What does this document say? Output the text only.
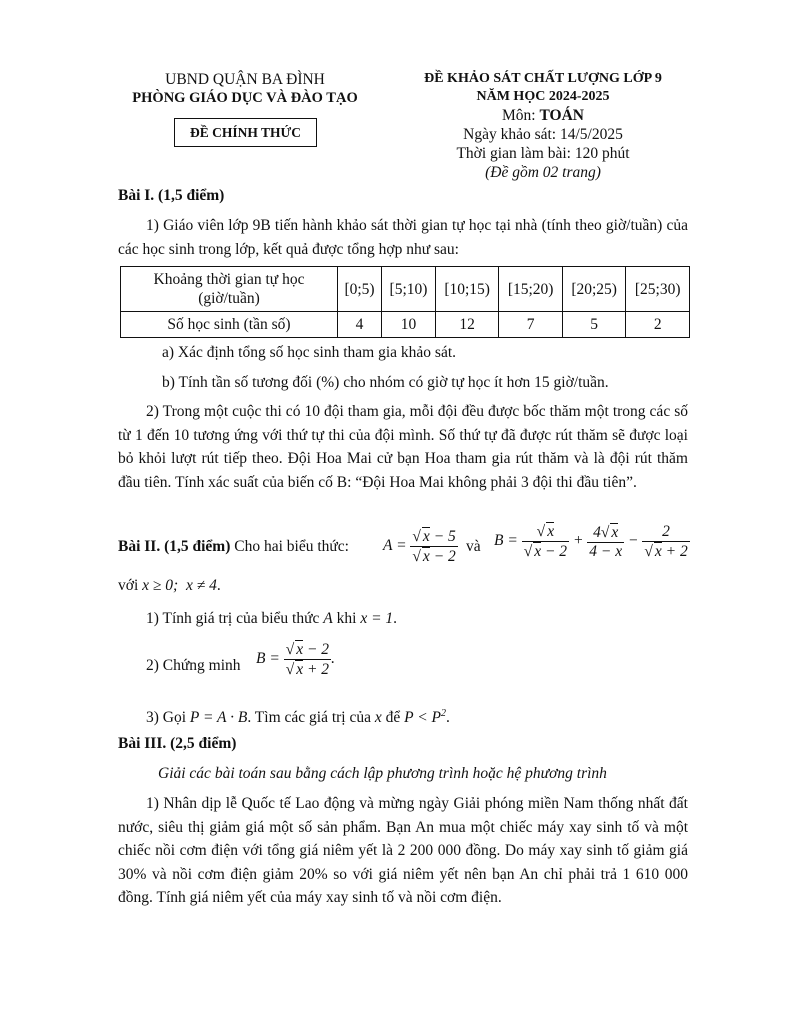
UBND QUẬN BA ĐÌNH
PHÒNG GIÁO DỤC VÀ ĐÀO TẠO
ĐỀ CHÍNH THỨC
ĐỀ KHẢO SÁT CHẤT LƯỢNG LỚP 9
NĂM HỌC 2024-2025
Môn: TOÁN
Ngày khảo sát: 14/5/2025
Thời gian làm bài: 120 phút
(Đề gồm 02 trang)
Bài I. (1,5 điểm)
1) Giáo viên lớp 9B tiến hành khảo sát thời gian tự học tại nhà (tính theo giờ/tuần) của các học sinh trong lớp, kết quả được tổng hợp như sau:
Khoảng thời gian tự học
(giờ/tuần)	[0;5)	[5;10)	[10;15)	[15;20)	[20;25)	[25;30)
Số học sinh (tần số)	4	10	12	7	5	2
a) Xác định tổng số học sinh tham gia khảo sát.
b) Tính tần số tương đối (%) cho nhóm có giờ tự học ít hơn 15 giờ/tuần.
2) Trong một cuộc thi có 10 đội tham gia, mỗi đội đều được bốc thăm một trong các số từ 1 đến 10 tương ứng với thứ tự thi của đội mình. Số thứ tự đã được rút thăm sẽ được loại bỏ khỏi lượt rút tiếp theo. Đội Hoa Mai cử bạn Hoa tham gia rút thăm và là đội rút thăm đầu tiên. Tính xác suất của biến cố B: “Đội Hoa Mai không phải 3 đội thi đầu tiên”.
Bài II. (1,5 điểm) Cho hai biểu thức: $A = \frac{√ x - 5}{√ x - 2}$ và $B = \frac{√ x}{√ x - 2} + \frac{4√ x}{4 - x} - \frac{2}{√ x + 2}$
với x ≥ 0;  x ≠ 4.
1) Tính giá trị của biểu thức A khi x = 1.
2) Chứng minh $B = \frac{√ x - 2}{√ x + 2}$ .
3) Gọi P = A · B. Tìm các giá trị của x để $P < P^2$.
Bài III. (2,5 điểm)
Giải các bài toán sau bằng cách lập phương trình hoặc hệ phương trình
1) Nhân dịp lễ Quốc tế Lao động và mừng ngày Giải phóng miền Nam thống nhất đất nước, siêu thị giảm giá một số sản phẩm. Bạn An mua một chiếc máy xay sinh tố và một chiếc nồi cơm điện với tổng giá niêm yết là 2 200 000 đồng. Do máy xay sinh tố giảm giá 30% và nồi cơm điện giảm 20% so với giá niêm yết nên bạn An chỉ phải trả 1 610 000 đồng. Tính giá niêm yết của máy xay sinh tố và nồi cơm điện.
